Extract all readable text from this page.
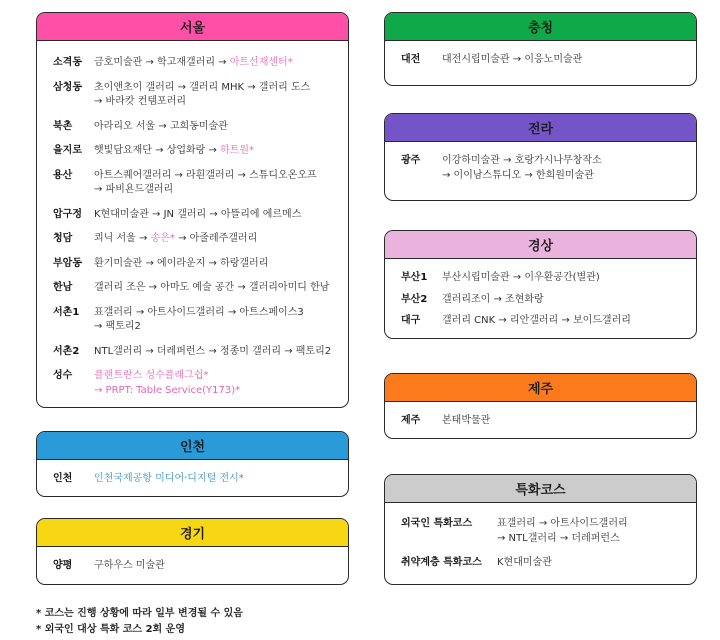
서울
소격동	금호미술관 → 학고재갤러리 → 아트선재센터*
삼청동	초이앤초이 갤러리 → 갤러리 MHK → 갤러리 도스
→ 바라캇 컨템포러리
북촌	아라리오 서울 → 고희동미술관
을지로	햇빛담요재단 → 상업화랑 → 하트원*
용산	아트스퀘어갤러리 → 라흰갤러리 → 스튜디오온오프
→ 파비욘드갤러리
압구정	K현대미술관 → JN 갤러리 → 아뜰리에 에르메스
청담	쾨닉 서울 → 송은* → 아줄레주갤러리
부암동	환기미술관 → 에이라운지 → 하랑갤러리
한남	갤러리 조은 → 아마도 예술 공간 → 갤러리아미디 한남
서촌1	표갤러리 → 아트사이드갤러리 → 아트스페이스3
→ 팩토리2
서촌2	NTL갤러리 → 더레퍼런스 → 정종미 갤러리 → 팩토리2
성수	플랜트란스 성수플래그쉽*
→ PRPT: Table Service(Y173)*
인천
인천	인천국제공항 미디어·디지털 전시*
경기
양평	구하우스 미술관
충청
대전	대전시립미술관 → 이응노미술관
전라
광주	이강하미술관 → 호랑가시나무창작소
→ 이이남스튜디오 → 한희원미술관
경상
부산1	부산시립미술관 → 이우환공간(별관)
부산2	갤러리조이 → 조현화랑
대구	갤러리 CNK → 리안갤러리 → 보이드갤러리
제주
제주	본태박물관
특화코스
외국인 특화코스	표갤러리 → 아트사이드갤러리
→ NTL갤러리 → 더레퍼런스
취약계층 특화코스	K현대미술관
* 코스는 진행 상황에 따라 일부 변경될 수 있음
* 외국인 대상 특화 코스 2회 운영
